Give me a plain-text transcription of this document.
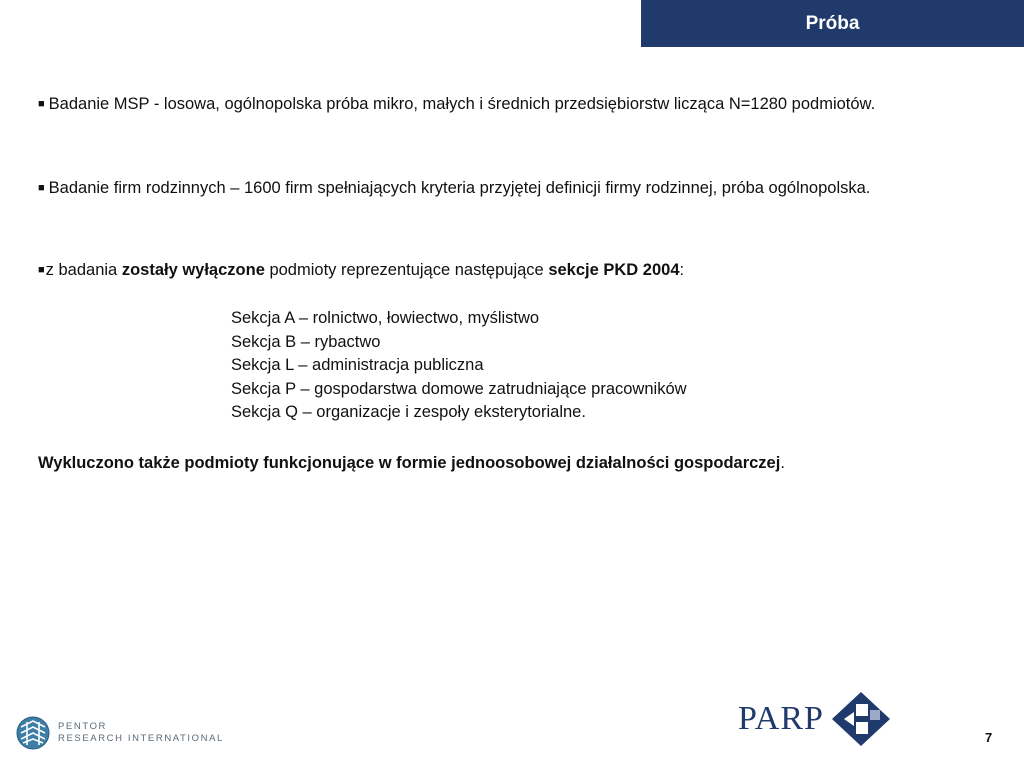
Próba

■ Badanie MSP - losowa, ogólnopolska próba mikro, małych i średnich przedsiębiorstw licząca N=1280 podmiotów.

■ Badanie firm rodzinnych – 1600 firm spełniających kryteria przyjętej definicji firmy rodzinnej, próba ogólnopolska.

■z badania zostały wyłączone podmioty reprezentujące następujące sekcje PKD 2004:

Sekcja A – rolnictwo, łowiectwo, myślistwo
Sekcja B – rybactwo
Sekcja L – administracja publiczna
Sekcja P – gospodarstwa domowe zatrudniające pracowników
Sekcja Q – organizacje i zespoły eksterytorialne.
Wykluczono także podmioty funkcjonujące w formie jednoosobowej działalności gospodarczej.
PENTOR
RESEARCH INTERNATIONAL
PARP
7
